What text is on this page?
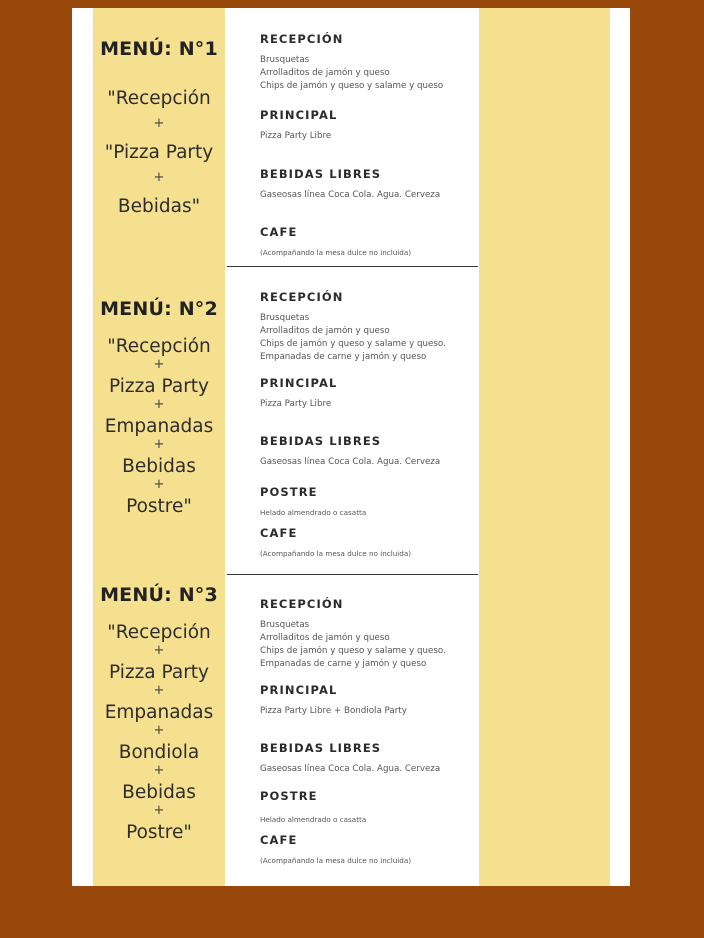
MENÚ: N°1
"Recepción
+
"Pizza Party
+
Bebidas"
RECEPCIÓN
Brusquetas
Arrolladitos de jamón y queso
Chips de jamón y queso y salame y queso
PRINCIPAL
Pizza Party Libre
BEBIDAS LIBRES
Gaseosas línea Coca Cola. Agua. Cerveza
CAFE
(Acompañando la mesa dulce no incluida)
MENÚ: N°2
"Recepción
+
Pizza Party
+
Empanadas
+
Bebidas
+
Postre"
RECEPCIÓN
Brusquetas
Arrolladitos de jamón y queso
Chips de jamón y queso y salame y queso.
Empanadas de carne y jamón y queso
PRINCIPAL
Pizza Party Libre
BEBIDAS LIBRES
Gaseosas línea Coca Cola. Agua. Cerveza
POSTRE
Helado almendrado o casatta
CAFE
(Acompañando la mesa dulce no incluida)
MENÚ: N°3
"Recepción
+
Pizza Party
+
Empanadas
+
Bondiola
+
Bebidas
+
Postre"
RECEPCIÓN
Brusquetas
Arrolladitos de jamón y queso
Chips de jamón y queso y salame y queso.
Empanadas de carne y jamón y queso
PRINCIPAL
Pizza Party Libre + Bondiola Party
BEBIDAS LIBRES
Gaseosas línea Coca Cola. Agua. Cerveza
POSTRE
Helado almendrado o casatta
CAFE
(Acompañando la mesa dulce no incluida)
